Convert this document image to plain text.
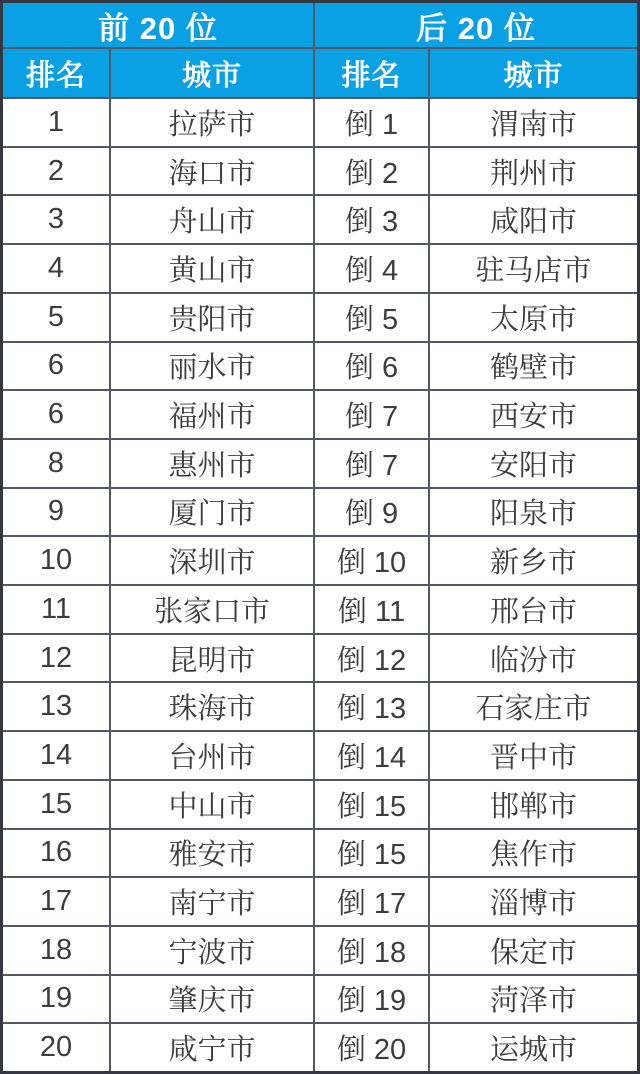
前 20 位	后 20 位
排名	城市	排名	城市
1	拉萨市	倒 1	渭南市
2	海口市	倒 2	荆州市
3	舟山市	倒 3	咸阳市
4	黄山市	倒 4	驻马店市
5	贵阳市	倒 5	太原市
6	丽水市	倒 6	鹤壁市
6	福州市	倒 7	西安市
8	惠州市	倒 7	安阳市
9	厦门市	倒 9	阳泉市
10	深圳市	倒 10	新乡市
11	张家口市	倒 11	邢台市
12	昆明市	倒 12	临汾市
13	珠海市	倒 13	石家庄市
14	台州市	倒 14	晋中市
15	中山市	倒 15	邯郸市
16	雅安市	倒 15	焦作市
17	南宁市	倒 17	淄博市
18	宁波市	倒 18	保定市
19	肇庆市	倒 19	菏泽市
20	咸宁市	倒 20	运城市
